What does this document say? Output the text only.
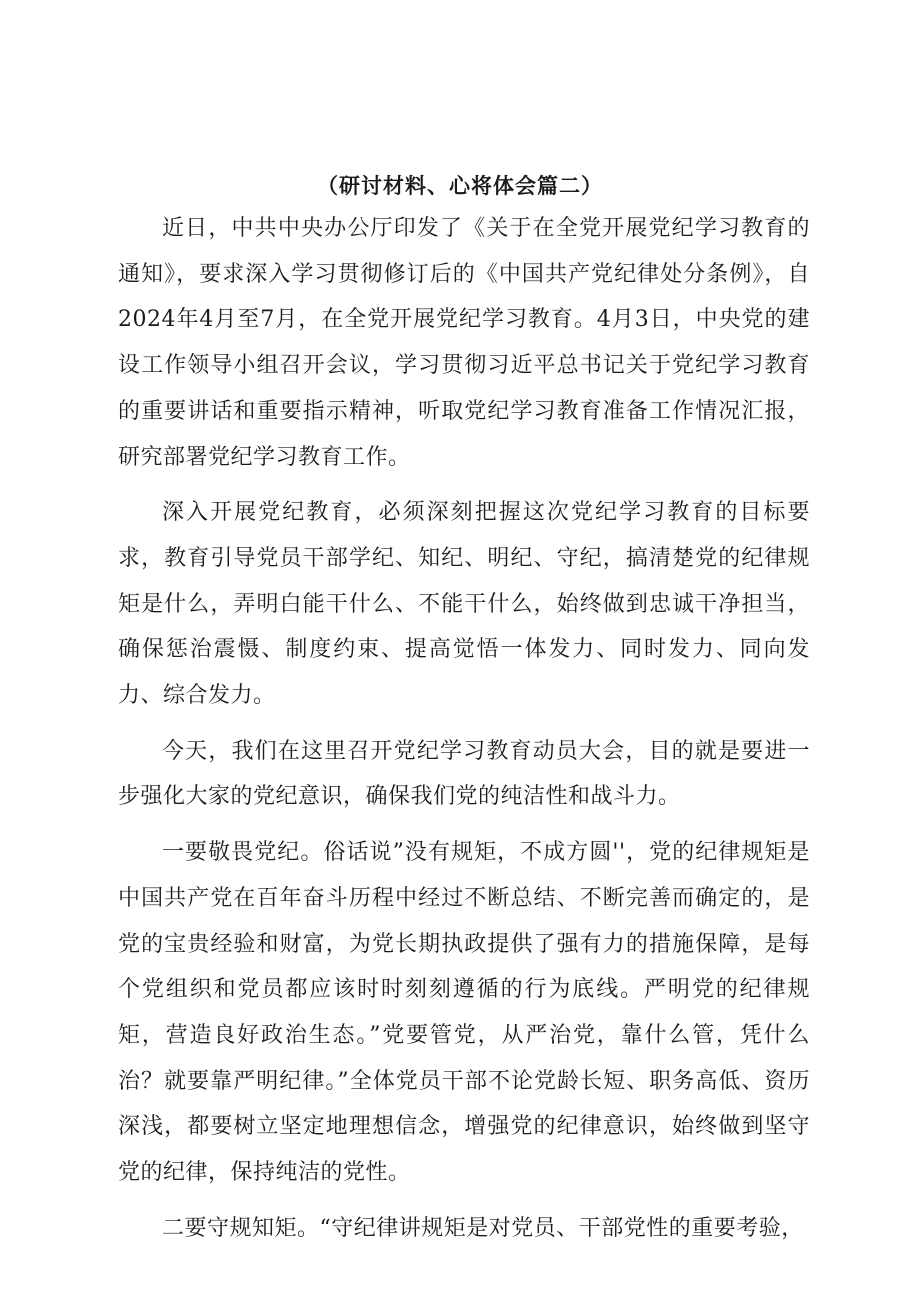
（研讨材料、心将体会篇二）

近日，中共中央办公厅印发了《关于在全党开展党纪学习教育的通知》，要求深入学习贯彻修订后的《中国共产党纪律处分条例》，自2024年4月至7月，在全党开展党纪学习教育。4月3日，中央党的建设工作领导小组召开会议，学习贯彻习近平总书记关于党纪学习教育的重要讲话和重要指示精神，听取党纪学习教育准备工作情况汇报，研究部署党纪学习教育工作。

深入开展党纪教育，必须深刻把握这次党纪学习教育的目标要求，教育引导党员干部学纪、知纪、明纪、守纪，搞清楚党的纪律规矩是什么，弄明白能干什么、不能干什么，始终做到忠诚干净担当，确保惩治震慑、制度约束、提高觉悟一体发力、同时发力、同向发力、综合发力。

今天，我们在这里召开党纪学习教育动员大会，目的就是要进一步强化大家的党纪意识，确保我们党的纯洁性和战斗力。

一要敬畏党纪。俗话说”没有规矩，不成方圆''，党的纪律规矩是中国共产党在百年奋斗历程中经过不断总结、不断完善而确定的，是党的宝贵经验和财富，为党长期执政提供了强有力的措施保障，是每个党组织和党员都应该时时刻刻遵循的行为底线。严明党的纪律规矩，营造良好政治生态。”党要管党，从严治党，靠什么管，凭什么治？就要靠严明纪律。”全体党员干部不论党龄长短、职务高低、资历深浅，都要树立坚定地理想信念，增强党的纪律意识，始终做到坚守党的纪律，保持纯洁的党性。

二要守规知矩。“守纪律讲规矩是对党员、干部党性的重要考验，
